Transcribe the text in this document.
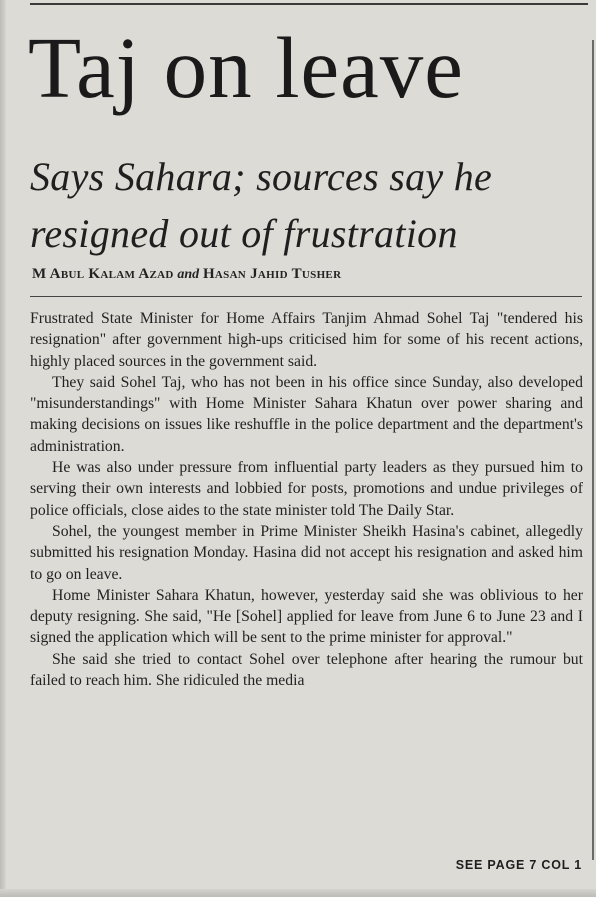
Taj on leave
Says Sahara; sources say he resigned out of frustration
M Abul Kalam Azad and Hasan Jahid Tusher

Frustrated State Minister for Home Affairs Tanjim Ahmad Sohel Taj "tendered his resignation" after government high-ups criticised him for some of his recent actions, highly placed sources in the government said.

They said Sohel Taj, who has not been in his office since Sunday, also developed "misunderstandings" with Home Minister Sahara Khatun over power sharing and making decisions on issues like reshuffle in the police department and the department's administration.

He was also under pressure from influential party leaders as they pursued him to serving their own interests and lobbied for posts, promotions and undue privileges of police officials, close aides to the state minister told The Daily Star.

Sohel, the youngest member in Prime Minister Sheikh Hasina's cabinet, allegedly submitted his resignation Monday. Hasina did not accept his resignation and asked him to go on leave.

Home Minister Sahara Khatun, however, yesterday said she was oblivious to her deputy resigning. She said, "He [Sohel] applied for leave from June 6 to June 23 and I signed the application which will be sent to the prime minister for approval."

She said she tried to contact Sohel over telephone after hearing the rumour but failed to reach him. She ridiculed the media

SEE PAGE 7 COL 1
